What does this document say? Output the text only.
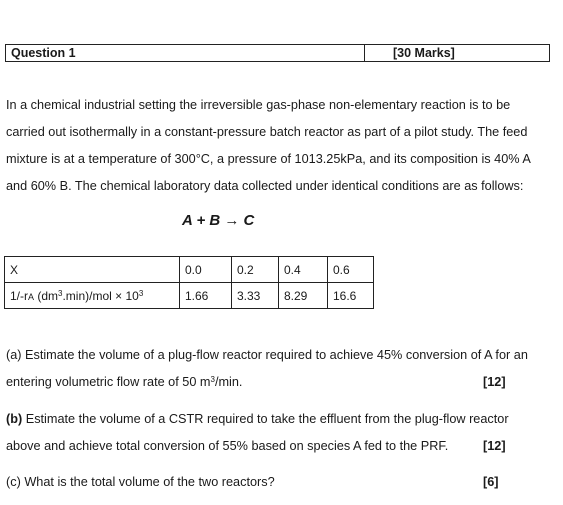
Question 1	[30 Marks]
In a chemical industrial setting the irreversible gas-phase non-elementary reaction is to be
carried out isothermally in a constant-pressure batch reactor as part of a pilot study. The feed
mixture is at a temperature of 300°C, a pressure of 1013.25kPa, and its composition is 40% A
and 60% B. The chemical laboratory data collected under identical conditions are as follows:
A + B → C
X	0.0	0.2	0.4	0.6
1/-rA $(dm^3.\min)$/mol × $10^3$	1.66	3.33	8.29	16.6
(a) Estimate the volume of a plug-flow reactor required to achieve 45% conversion of A for an
entering volumetric flow rate of 50 $m^3/\min$.	[12]
(b) Estimate the volume of a CSTR required to take the effluent from the plug-flow reactor
above and achieve total conversion of 55% based on species A fed to the PRF.	[12]
(c) What is the total volume of the two reactors?	[6]
